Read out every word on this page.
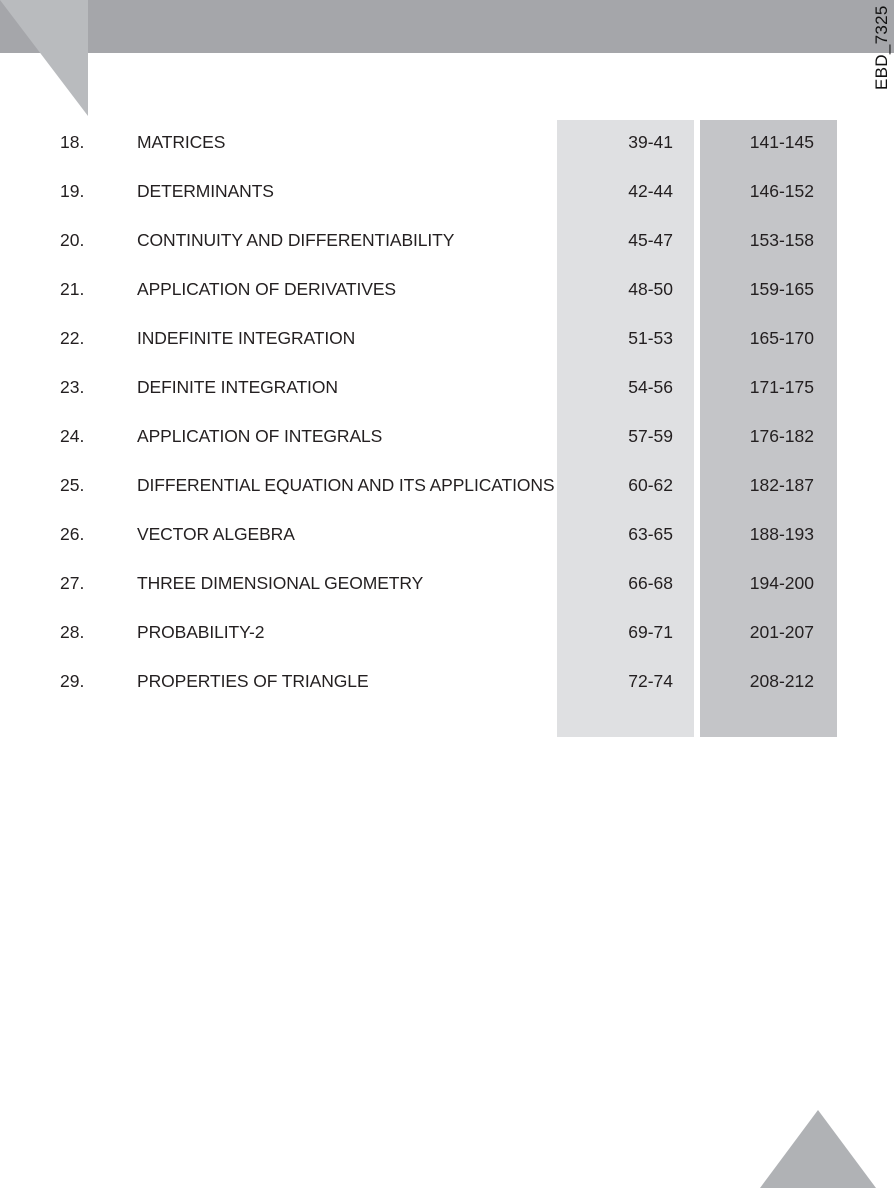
EBD_7325
18.	MATRICES	39-41	141-145
19.	DETERMINANTS	42-44	146-152
20.	CONTINUITY AND DIFFERENTIABILITY	45-47	153-158
21.	APPLICATION OF DERIVATIVES	48-50	159-165
22.	INDEFINITE INTEGRATION	51-53	165-170
23.	DEFINITE INTEGRATION	54-56	171-175
24.	APPLICATION OF INTEGRALS	57-59	176-182
25.	DIFFERENTIAL EQUATION AND ITS APPLICATIONS	60-62	182-187
26.	VECTOR ALGEBRA	63-65	188-193
27.	THREE DIMENSIONAL GEOMETRY	66-68	194-200
28.	PROBABILITY-2	69-71	201-207
29.	PROPERTIES OF TRIANGLE	72-74	208-212
